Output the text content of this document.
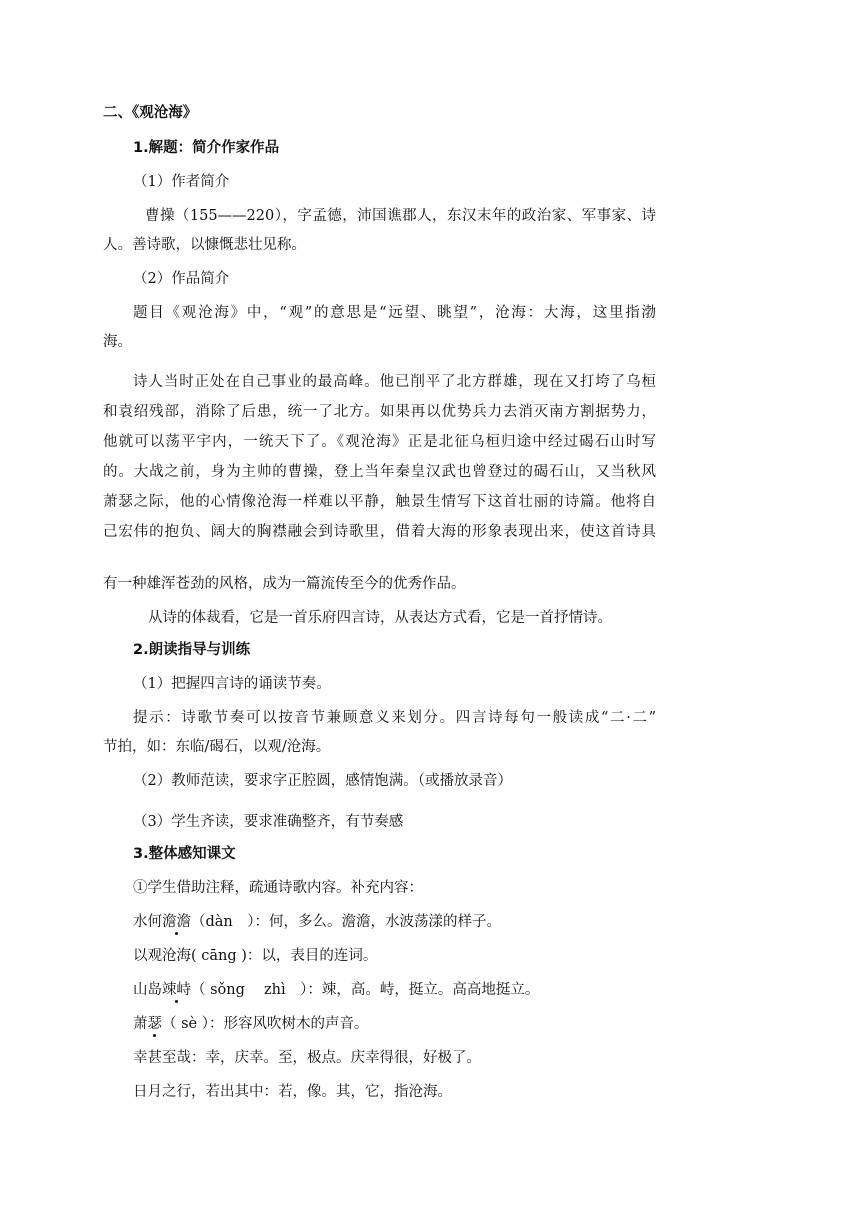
二、《观沧海》
1.解题：简介作家作品
（1）作者简介
曹操（155——220），字孟德，沛国谯郡人，东汉末年的政治家、军事家、诗
人。善诗歌，以慷慨悲壮见称。
（2）作品简介
题目《观沧海》中，“观”的意思是“远望、眺望”，沧海：大海，这里指渤
海。
诗人当时正处在自己事业的最高峰。他已削平了北方群雄，现在又打垮了乌桓
和袁绍残部，消除了后患，统一了北方。如果再以优势兵力去消灭南方割据势力，
他就可以荡平宇内，一统天下了。《观沧海》正是北征乌桓归途中经过碣石山时写
的。大战之前，身为主帅的曹操，登上当年秦皇汉武也曾登过的碣石山，又当秋风
萧瑟之际，他的心情像沧海一样难以平静，触景生情写下这首壮丽的诗篇。他将自
己宏伟的抱负、阔大的胸襟融会到诗歌里，借着大海的形象表现出来，使这首诗具
有一种雄浑苍劲的风格，成为一篇流传至今的优秀作品。
从诗的体裁看，它是一首乐府四言诗，从表达方式看，它是一首抒情诗。
2.朗读指导与训练
（1）把握四言诗的诵读节奏。
提示：诗歌节奏可以按音节兼顾意义来划分。四言诗每句一般读成“二·二”
节拍，如：东临/碣石，以观/沧海。
（2）教师范读，要求字正腔圆，感情饱满。（或播放录音）
（3）学生齐读，要求准确整齐，有节奏感
3.整体感知课文
①学生借助注释，疏通诗歌内容。补充内容：
水何澹澹（dàn　）：何，多么。澹澹，水波荡漾的样子。
以观沧海( cāng )：以，表目的连词。
山岛竦峙（ sǒng　 zhì　）：竦，高。峙，挺立。高高地挺立。
萧瑟（ sè ）：形容风吹树木的声音。
幸甚至哉：幸，庆幸。至，极点。庆幸得很，好极了。
日月之行，若出其中：若，像。其，它，指沧海。
